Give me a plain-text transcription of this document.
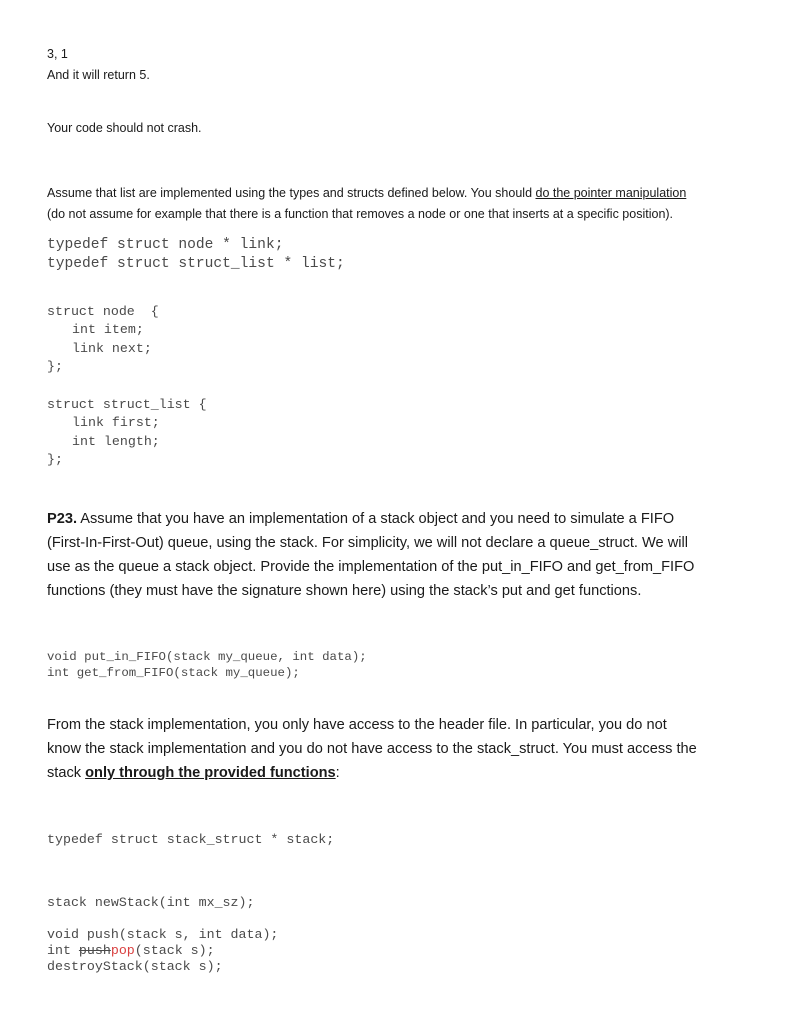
3, 1
And it will return 5.
Your code should not crash.
Assume that list are implemented using the types and structs defined below. You should do the pointer manipulation
(do not assume for example that there is a function that removes a node or one that inserts at a specific position).
typedef struct node * link;
typedef struct struct_list * list;
struct node  {
int item;
link next;
};
struct struct_list {
link first;
int length;
};
P23. Assume that you have an implementation of a stack object and you need to simulate a FIFO
(First-In-First-Out) queue, using the stack. For simplicity, we will not declare a queue_struct. We will
use as the queue a stack object. Provide the implementation of the put_in_FIFO and get_from_FIFO
functions (they must have the signature shown here) using the stack’s put and get functions.
void put_in_FIFO(stack my_queue, int data);
int get_from_FIFO(stack my_queue);
From the stack implementation, you only have access to the header file. In particular, you do not
know the stack implementation and you do not have access to the stack_struct. You must access the
stack only through the provided functions:
typedef struct stack_struct * stack;
stack newStack(int mx_sz);
void push(stack s, int data);
int pushpop(stack s);
destroyStack(stack s);
